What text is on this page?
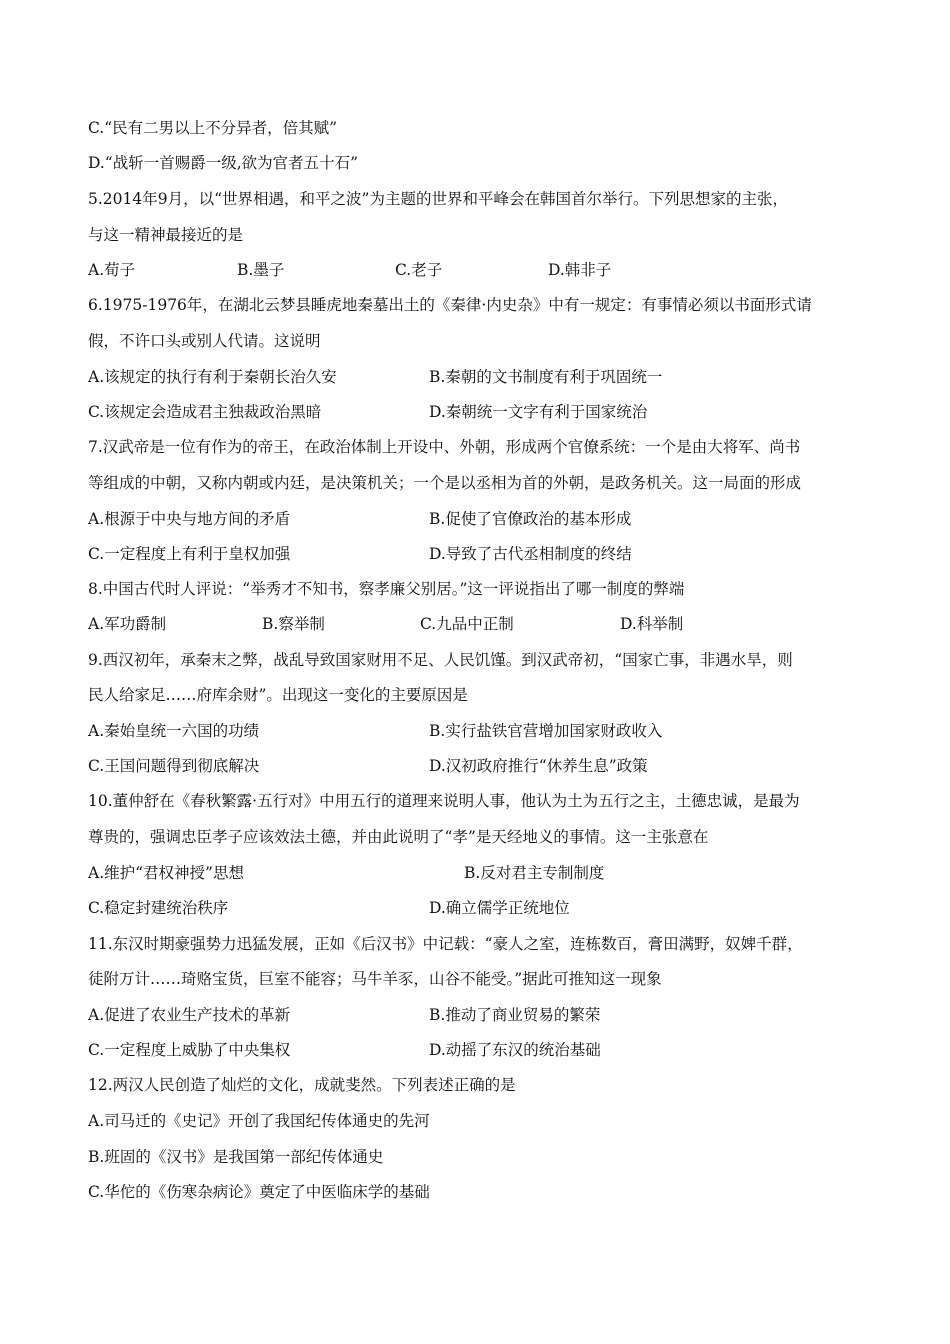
C.“民有二男以上不分异者，倍其赋”
D.“战斩一首赐爵一级,欲为官者五十石”
5.2014年9月，以“世界相遇，和平之波”为主题的世界和平峰会在韩国首尔举行。下列思想家的主张，
与这一精神最接近的是
A.荀子	B.墨子	C.老子	D.韩非子
6.1975-1976年，在湖北云梦县睡虎地秦墓出土的《秦律·内史杂》中有一规定：有事情必须以书面形式请
假，不许口头或别人代请。这说明
A.该规定的执行有利于秦朝长治久安	B.秦朝的文书制度有利于巩固统一
C.该规定会造成君主独裁政治黑暗	D.秦朝统一文字有利于国家统治
7.汉武帝是一位有作为的帝王，在政治体制上开设中、外朝，形成两个官僚系统：一个是由大将军、尚书
等组成的中朝，又称内朝或内廷，是决策机关；一个是以丞相为首的外朝，是政务机关。这一局面的形成
A.根源于中央与地方间的矛盾	B.促使了官僚政治的基本形成
C.一定程度上有利于皇权加强	D.导致了古代丞相制度的终结
8.中国古代时人评说：“举秀才不知书，察孝廉父别居。”这一评说指出了哪一制度的弊端
A.军功爵制	B.察举制	C.九品中正制	D.科举制
9.西汉初年，承秦末之弊，战乱导致国家财用不足、人民饥馑。到汉武帝初，“国家亡事，非遇水旱，则
民人给家足……府库余财”。出现这一变化的主要原因是
A.秦始皇统一六国的功绩	B.实行盐铁官营增加国家财政收入
C.王国问题得到彻底解决	D.汉初政府推行“休养生息”政策
10.董仲舒在《春秋繁露·五行对》中用五行的道理来说明人事，他认为土为五行之主，土德忠诚，是最为
尊贵的，强调忠臣孝子应该效法土德，并由此说明了“孝”是天经地义的事情。这一主张意在
A.维护“君权神授”思想	B.反对君主专制制度
C.稳定封建统治秩序	D.确立儒学正统地位
11.东汉时期豪强势力迅猛发展，正如《后汉书》中记载：“豪人之室，连栋数百，膏田满野，奴婢千群，
徒附万计……琦赂宝货，巨室不能容；马牛羊豕，山谷不能受。”据此可推知这一现象
A.促进了农业生产技术的革新	B.推动了商业贸易的繁荣
C.一定程度上威胁了中央集权	D.动摇了东汉的统治基础
12.两汉人民创造了灿烂的文化，成就斐然。下列表述正确的是
A.司马迁的《史记》开创了我国纪传体通史的先河
B.班固的《汉书》是我国第一部纪传体通史
C.华佗的《伤寒杂病论》奠定了中医临床学的基础
